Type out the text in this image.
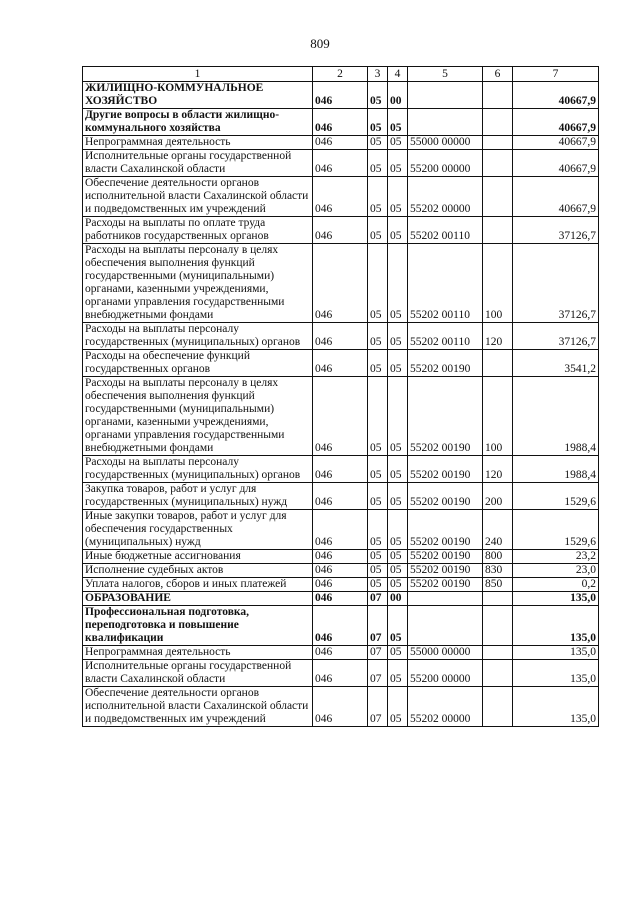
809
1	2	3	4	5	6	7
ЖИЛИЩНО-КОММУНАЛЬНОЕ ХОЗЯЙСТВО	046	05	00			40667,9
Другие вопросы в области жилищно-коммунального хозяйства	046	05	05			40667,9
Непрограммная деятельность	046	05	05	55000 00000		40667,9
Исполнительные органы государственной власти Сахалинской области	046	05	05	55200 00000		40667,9
Обеспечение деятельности органов исполнительной власти Сахалинской области и подведомственных им учреждений	046	05	05	55202 00000		40667,9
Расходы на выплаты по оплате труда работников государственных органов	046	05	05	55202 00110		37126,7
Расходы на выплаты персоналу в целях обеспечения выполнения функций государственными (муниципальными) органами, казенными учреждениями, органами управления государственными внебюджетными фондами	046	05	05	55202 00110	100	37126,7
Расходы на выплаты персоналу государственных (муниципальных) органов	046	05	05	55202 00110	120	37126,7
Расходы на обеспечение функций государственных органов	046	05	05	55202 00190		3541,2
Расходы на выплаты персоналу в целях обеспечения выполнения функций государственными (муниципальными) органами, казенными учреждениями, органами управления государственными внебюджетными фондами	046	05	05	55202 00190	100	1988,4
Расходы на выплаты персоналу государственных (муниципальных) органов	046	05	05	55202 00190	120	1988,4
Закупка товаров, работ и услуг для государственных (муниципальных) нужд	046	05	05	55202 00190	200	1529,6
Иные закупки товаров, работ и услуг для обеспечения государственных (муниципальных) нужд	046	05	05	55202 00190	240	1529,6
Иные бюджетные ассигнования	046	05	05	55202 00190	800	23,2
Исполнение судебных актов	046	05	05	55202 00190	830	23,0
Уплата налогов, сборов и иных платежей	046	05	05	55202 00190	850	0,2
ОБРАЗОВАНИЕ	046	07	00			135,0
Профессиональная подготовка, переподготовка и повышение квалификации	046	07	05			135,0
Непрограммная деятельность	046	07	05	55000 00000		135,0
Исполнительные органы государственной власти Сахалинской области	046	07	05	55200 00000		135,0
Обеспечение деятельности органов исполнительной власти Сахалинской области и подведомственных им учреждений	046	07	05	55202 00000		135,0
